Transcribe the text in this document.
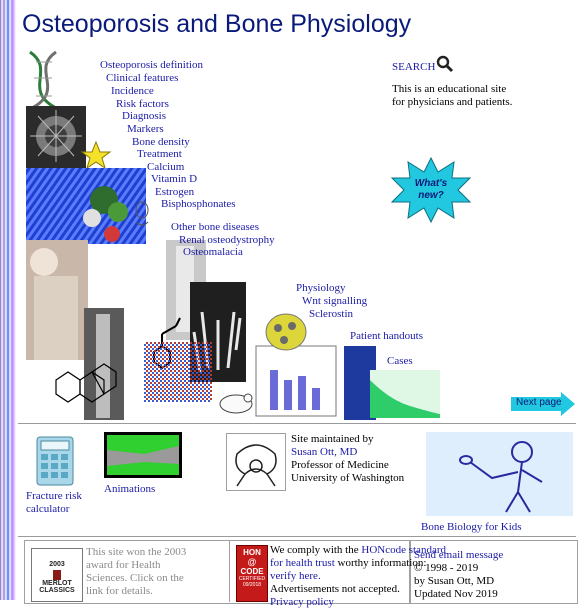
Osteoporosis and Bone Physiology
Osteoporosis definition
Clinical features
Incidence
Risk factors
Diagnosis
Markers
Bone density
Treatment
Calcium
Vitamin D
Estrogen
Bisphosphonates
Other bone diseases
Renal osteodystrophy
Osteomalacia
Physiology
Wnt signalling
Sclerostin
Patient handouts
Cases
SEARCH
This is an educational site
for physicians and patients.
What's
new?
Next page
Fracture risk
calculator
Animations
Site maintained by
Susan Ott, MD
Professor of Medicine
University of Washington
Bone Biology for Kids
2003
MERLOT
CLASSICS
This site won the 2003
award for Health
Sciences. Click on the
link for details.
HON
@
CODE
CERTIFIED
09/2018
We comply with the HONcode standard
for health trust worthy information:
verify here.
Advertisements not accepted.
Privacy policy
Send email message
© 1998 - 2019
by Susan Ott, MD
Updated Nov 2019
